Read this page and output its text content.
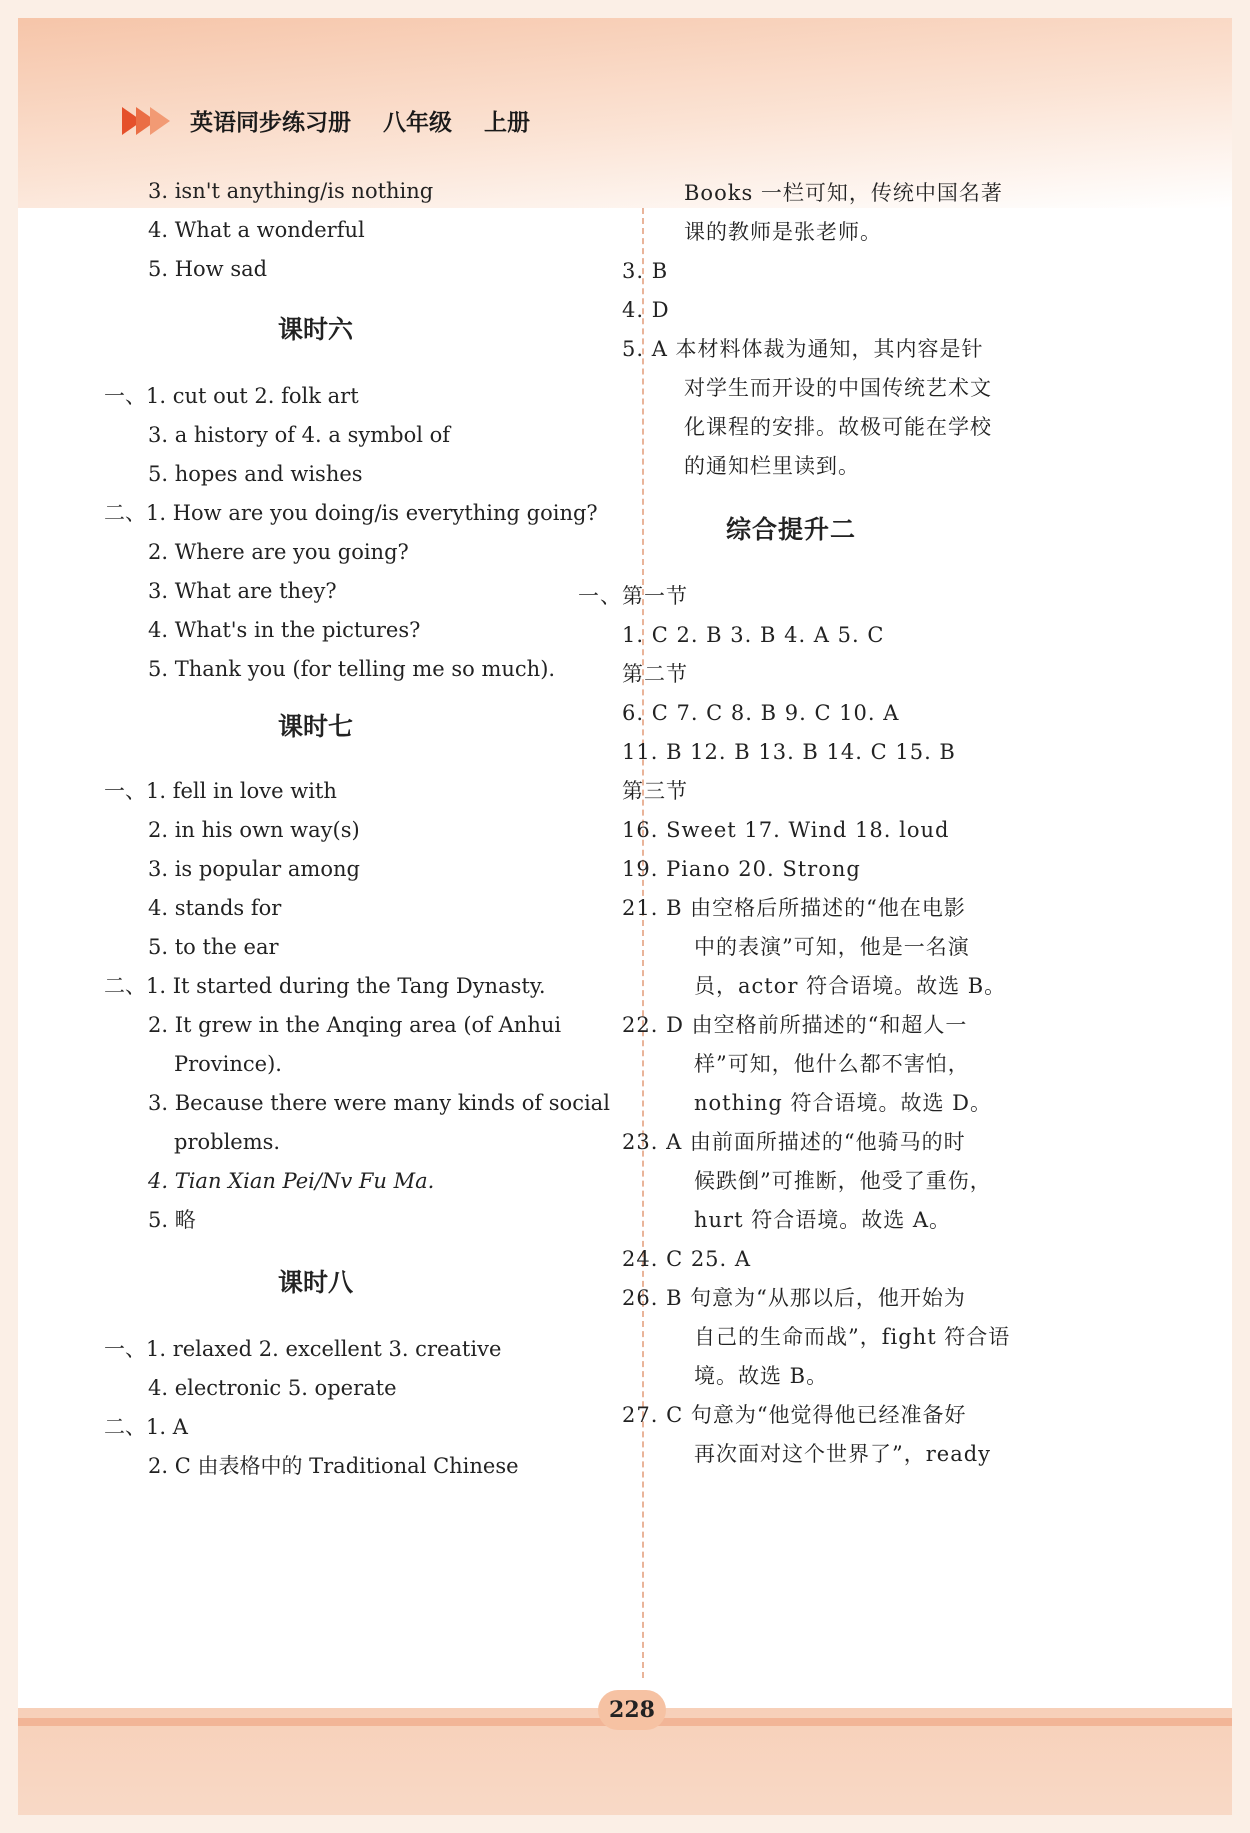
英语同步练习册 八年级 上册
3. isn't anything/is nothing
4. What a wonderful
5. How sad
课时六
一、1. cut out 2. folk art
3. a history of 4. a symbol of
5. hopes and wishes
二、1. How are you doing/is everything going?
2. Where are you going?
3. What are they?
4. What's in the pictures?
5. Thank you (for telling me so much).
课时七
一、1. fell in love with
2. in his own way(s)
3. is popular among
4. stands for
5. to the ear
二、1. It started during the Tang Dynasty.
2. It grew in the Anqing area (of Anhui
Province).
3. Because there were many kinds of social
problems.
4. Tian Xian Pei/Nv Fu Ma.
5. 略
课时八
一、1. relaxed 2. excellent 3. creative
4. electronic 5. operate
二、1. A
2. C 由表格中的 Traditional Chinese
Books 一栏可知，传统中国名著
课的教师是张老师。
3. B
4. D
5. A 本材料体裁为通知，其内容是针
对学生而开设的中国传统艺术文
化课程的安排。故极可能在学校
的通知栏里读到。
综合提升二
一、第一节
1. C 2. B 3. B 4. A 5. C
第二节
6. C 7. C 8. B 9. C 10. A
11. B 12. B 13. B 14. C 15. B
第三节
16. Sweet 17. Wind 18. loud
19. Piano 20. Strong
21. B 由空格后所描述的“他在电影
中的表演”可知，他是一名演
员，actor 符合语境。故选 B。
22. D 由空格前所描述的“和超人一
样”可知，他什么都不害怕，
nothing 符合语境。故选 D。
23. A 由前面所描述的“他骑马的时
候跌倒”可推断，他受了重伤，
hurt 符合语境。故选 A。
24. C 25. A
26. B 句意为“从那以后，他开始为
自己的生命而战”，fight 符合语
境。故选 B。
27. C 句意为“他觉得他已经准备好
再次面对这个世界了”，ready
228
